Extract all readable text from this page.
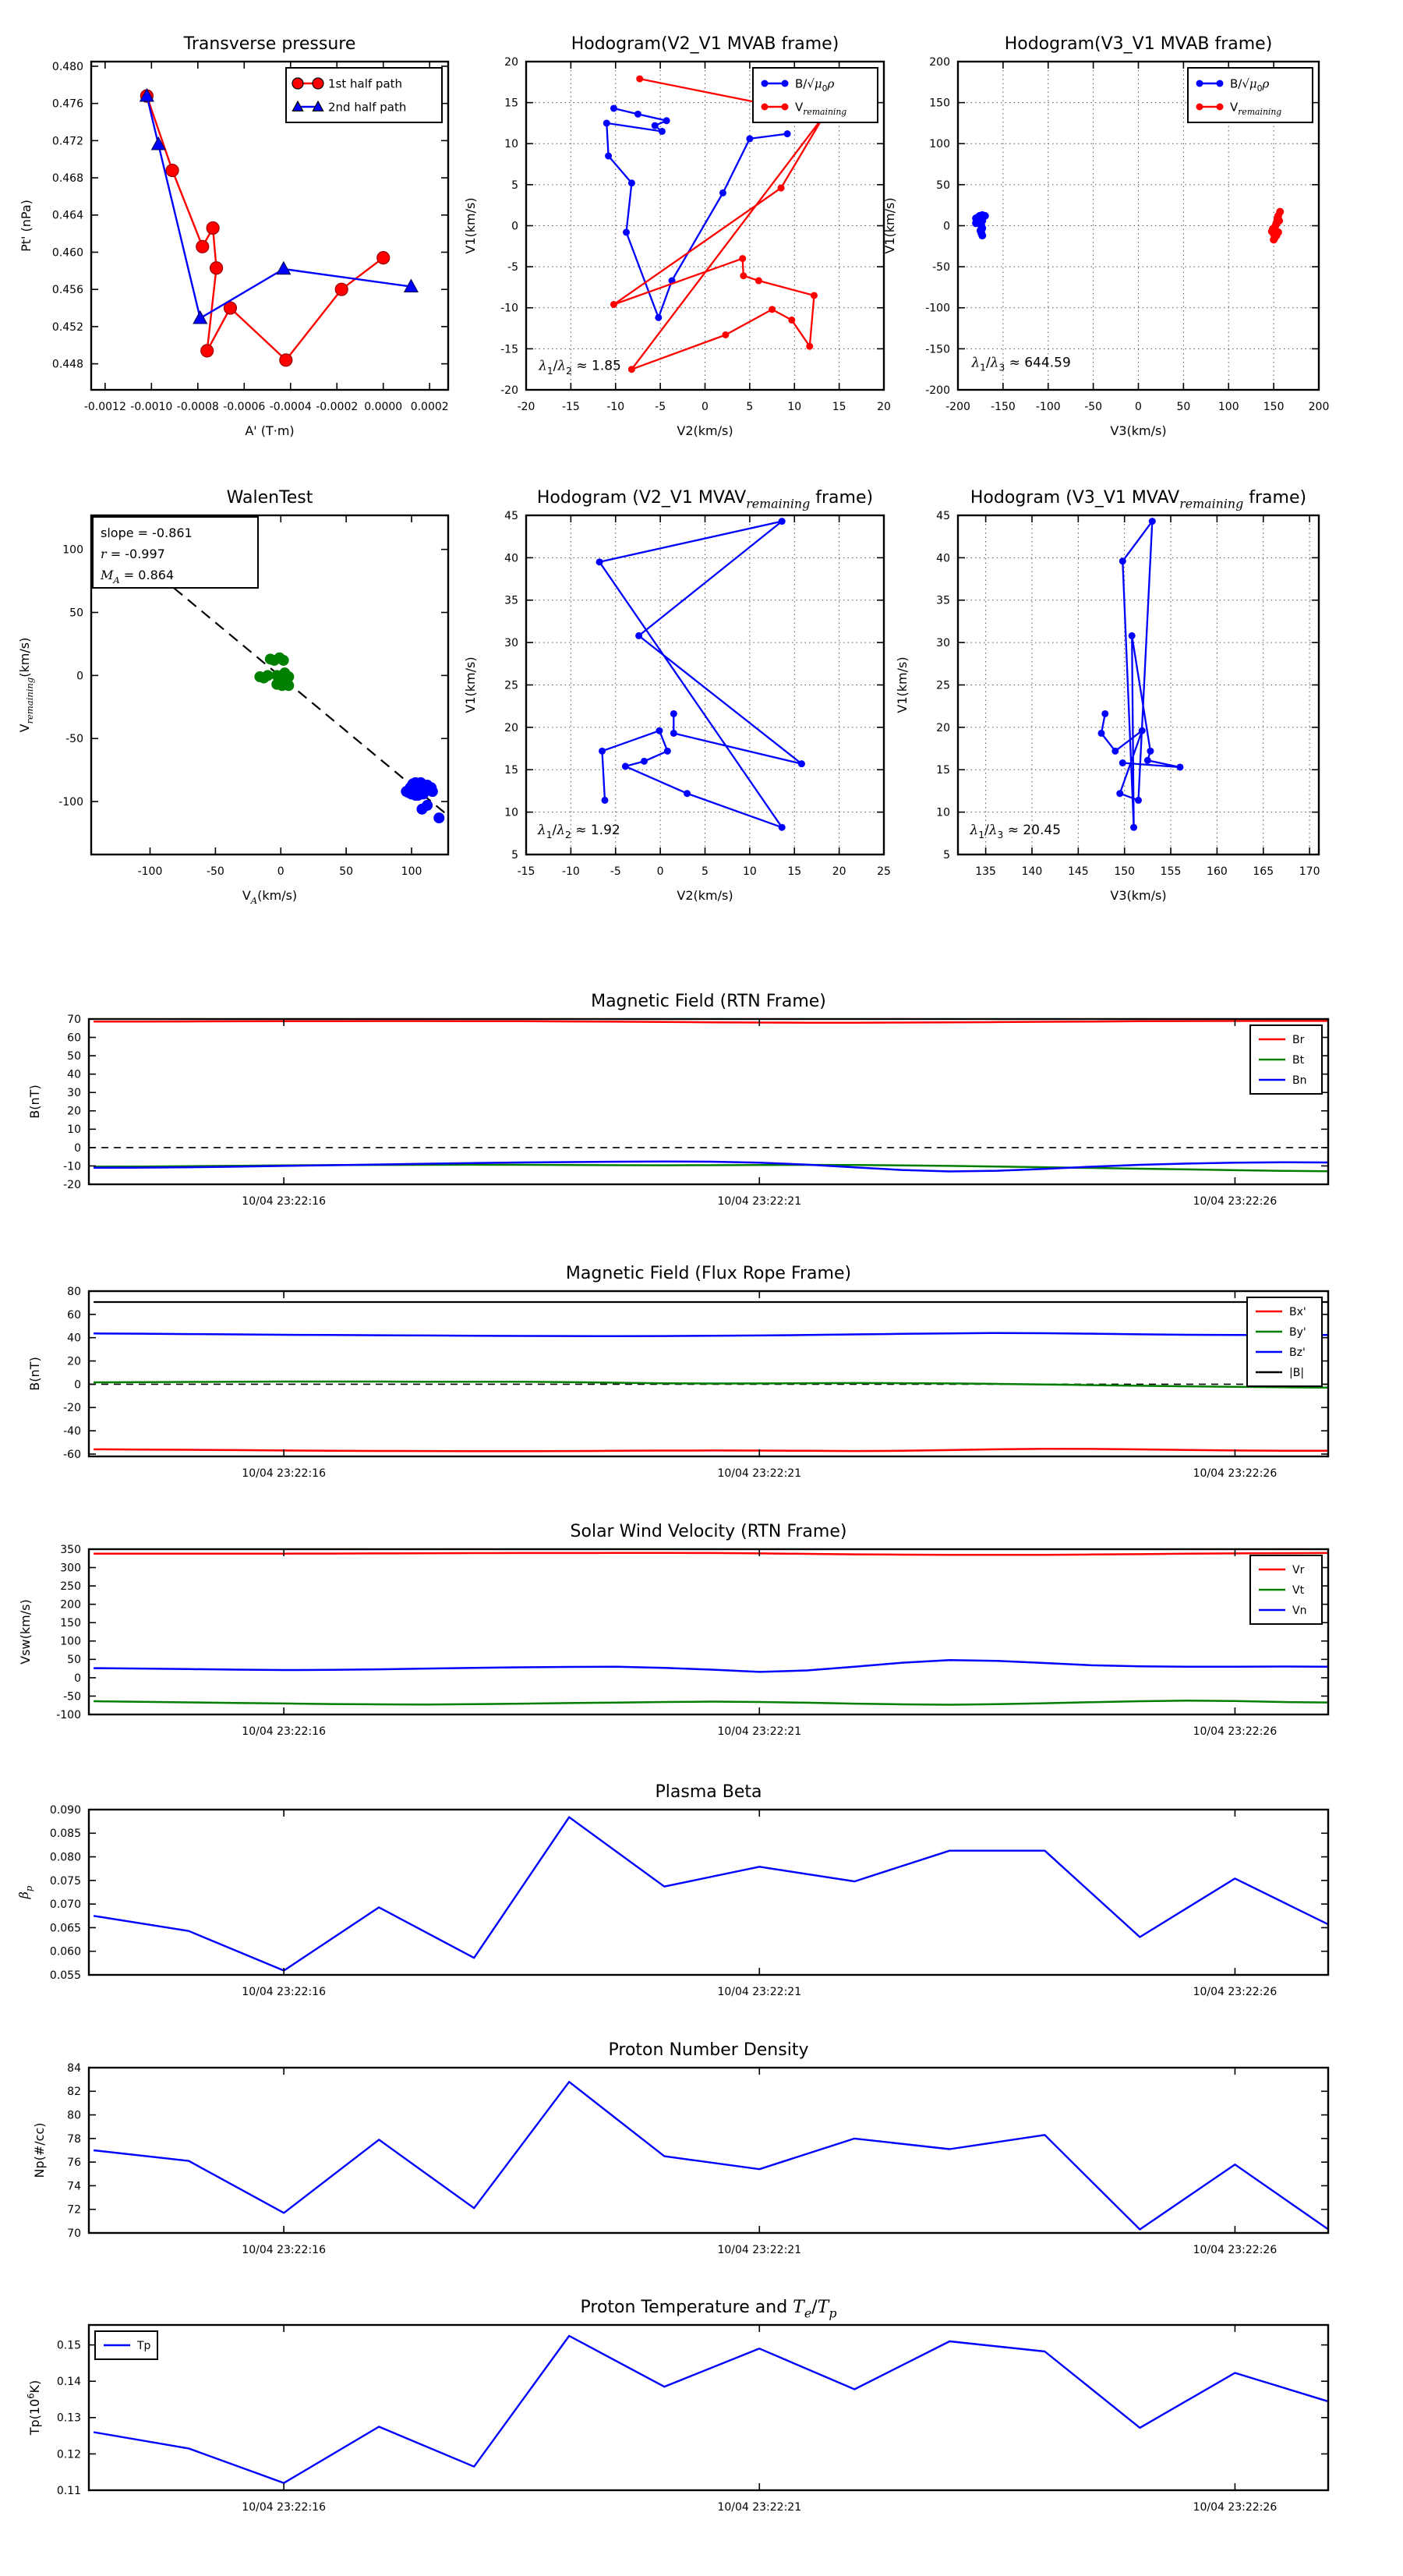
-0.0012 -0.0010 -0.0008 -0.0006 -0.0004 -0.0002 0.0000 0.0002
0.448
0.452
0.456
0.460
0.464
0.468
0.472
0.476
0.480
Transverse pressure
A' (T·m)
Pt' (nPa)
1st half path
2nd half path
-20 -15 -10	-5	0	5	10	15	20
-20
-15
-10
-5
0
5
10
15
20
Hodogram(V2_V1 MVAB frame)
V2(km/s)
V1(km/s)
$\lambda_1/\lambda_2 \approx 1.85$
$B/√\mu_0\rho$
$V_{remaining}$
-200 -150 -100 -50	0	50	100 150 200
-200
-150
-100
-50
0
50
100
150
200
Hodogram(V3_V1 MVAB frame)
V3(km/s)
V1(km/s)
$\lambda_1/\lambda_3 \approx 644.59$
$B/√\mu_0\rho$
$V_{remaining}$
-100	-50	0	50	100
-100
-50
0
50
100
WalenTest
$V_A(km/s)$
$V_{remaining}(km/s)$
slope = -0.861
r = -0.997
$M_A = 0.864$
-15 -10	-5	0	5	10	15	20	25
5
10
15
20
25
30
35
40
45
Hodogram (V2_V1 $MVAV_{remaining}$ frame)
V2(km/s)
V1(km/s)
$\lambda_1/\lambda_2 \approx 1.92$
135 140 145 150 155 160 165 170
5
10
15
20
25
30
35
40
45
Hodogram (V3_V1 $MVAV_{remaining}$ frame)
V3(km/s)
V1(km/s)
$\lambda_1/\lambda_3 \approx 20.45$
10/04 23:22:16	10/04 23:22:21	10/04 23:22:26
-20
-10
0
10
20
30
40
50
60
70
Magnetic Field (RTN Frame)
B(nT)
Br
Bt
Bn
10/04 23:22:16	10/04 23:22:21	10/04 23:22:26
-60
-40
-20
0
20
40
60
80
Magnetic Field (Flux Rope Frame)
B(nT)
Bx'
By'
Bz'
|B|
10/04 23:22:16	10/04 23:22:21	10/04 23:22:26
-100
-50
0
50
100
150
200
250
300
350
Solar Wind Velocity (RTN Frame)
Vsw(km/s)
Vr
Vt
Vn
10/04 23:22:16	10/04 23:22:21	10/04 23:22:26
0.055
0.060
0.065
0.070
0.075
0.080
0.085
0.090
Plasma Beta
$\beta_p$
10/04 23:22:16	10/04 23:22:21	10/04 23:22:26
70
72
74
76
78
80
82
84
Proton Number Density
Np(#/cc)
10/04 23:22:16	10/04 23:22:21	10/04 23:22:26
0.11
0.12
0.13
0.14
0.15
Proton Temperature and $T_e/T_p$
$Tp(10^6K)$
Tp
